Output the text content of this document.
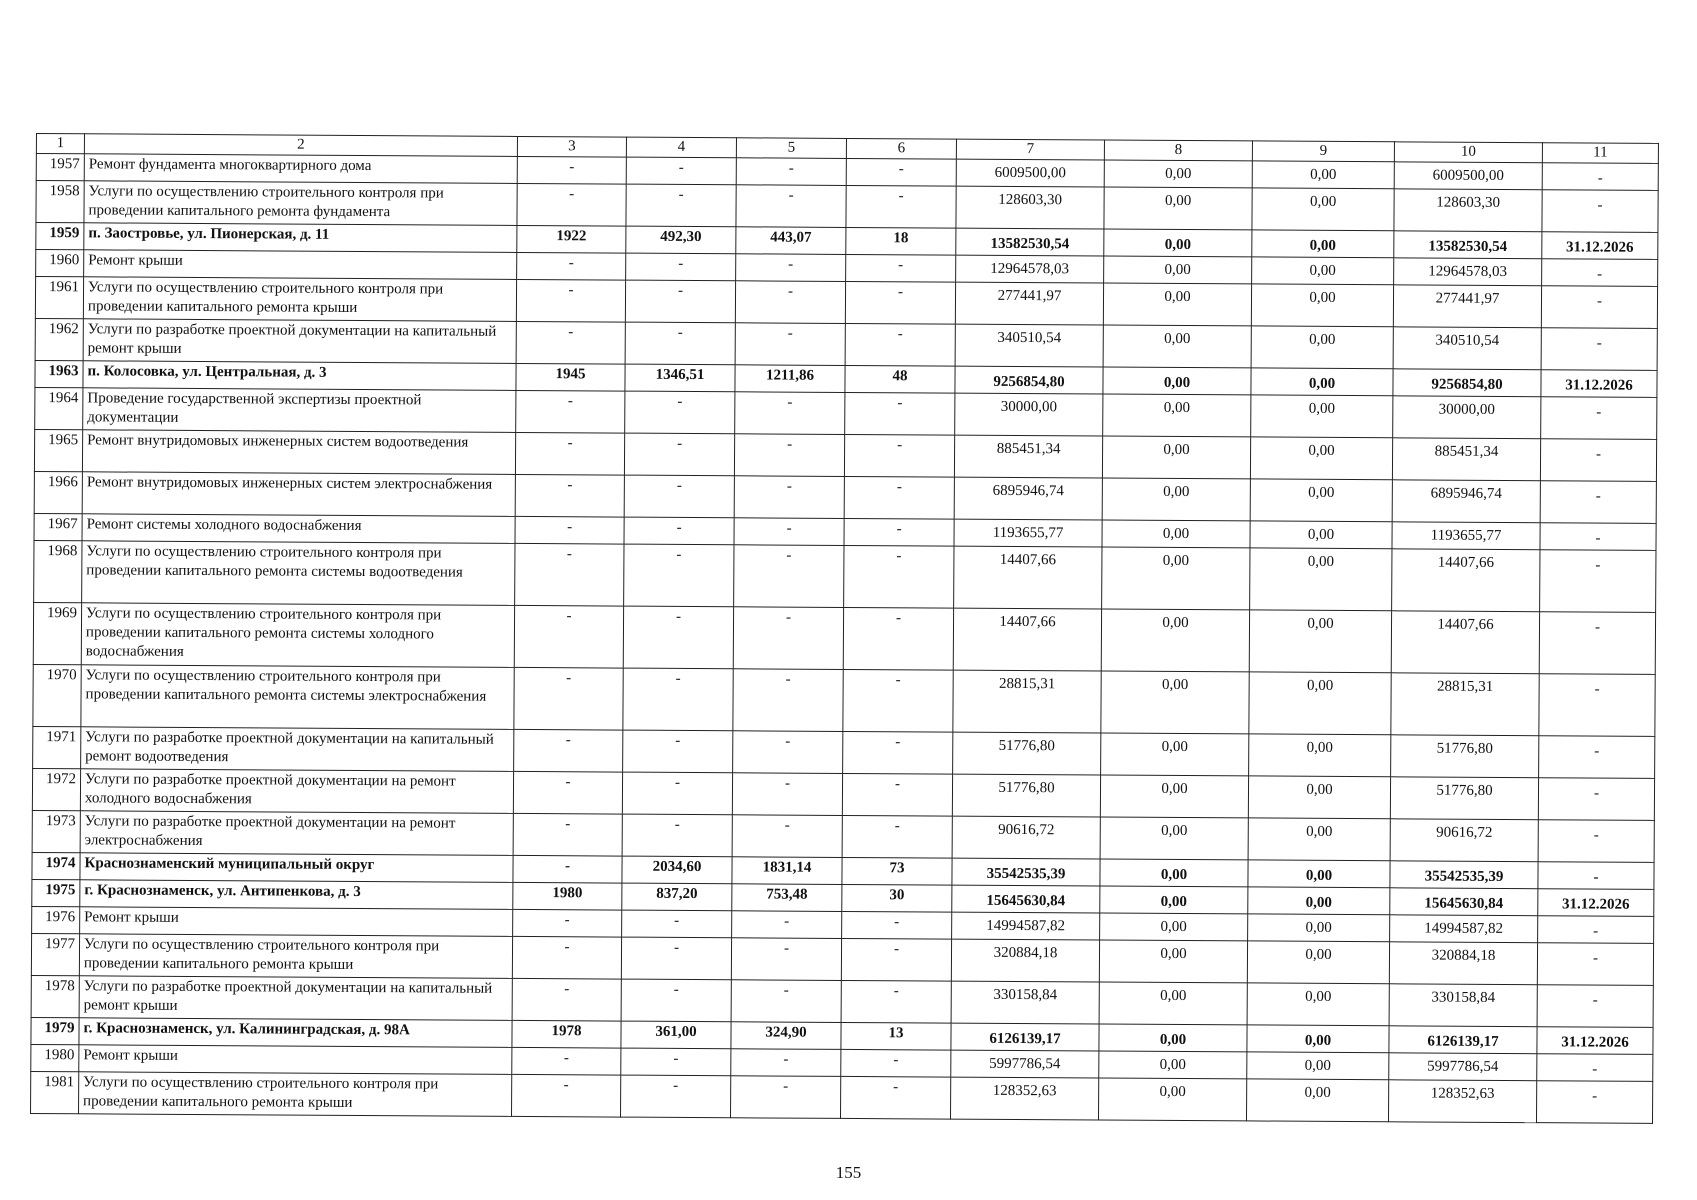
1	2	3	4	5	6	7	8	9	10	11
1957	Ремонт фундамента многоквартирного дома	-	-	-	-	6009500,00	0,00	0,00	6009500,00	-
1958	Услуги по осуществлению строительного контроля при проведении капитального ремонта фундамента	-	-	-	-	128603,30	0,00	0,00	128603,30	-
1959	п. Заостровье, ул. Пионерская, д. 11	1922	492,30	443,07	18	13582530,54	0,00	0,00	13582530,54	31.12.2026
1960	Ремонт крыши	-	-	-	-	12964578,03	0,00	0,00	12964578,03	-
1961	Услуги по осуществлению строительного контроля при проведении капитального ремонта крыши	-	-	-	-	277441,97	0,00	0,00	277441,97	-
1962	Услуги по разработке проектной документации на капитальный ремонт крыши	-	-	-	-	340510,54	0,00	0,00	340510,54	-
1963	п. Колосовка, ул. Центральная, д. 3	1945	1346,51	1211,86	48	9256854,80	0,00	0,00	9256854,80	31.12.2026
1964	Проведение государственной экспертизы проектной документации	-	-	-	-	30000,00	0,00	0,00	30000,00	-
1965	Ремонт внутридомовых инженерных систем водоотведения	-	-	-	-	885451,34	0,00	0,00	885451,34	-
1966	Ремонт внутридомовых инженерных систем электроснабжения	-	-	-	-	6895946,74	0,00	0,00	6895946,74	-
1967	Ремонт системы холодного водоснабжения	-	-	-	-	1193655,77	0,00	0,00	1193655,77	-
1968	Услуги по осуществлению строительного контроля при проведении капитального ремонта системы водоотведения	-	-	-	-	14407,66	0,00	0,00	14407,66	-
1969	Услуги по осуществлению строительного контроля при проведении капитального ремонта системы холодного водоснабжения	-	-	-	-	14407,66	0,00	0,00	14407,66	-
1970	Услуги по осуществлению строительного контроля при проведении капитального ремонта системы электроснабжения	-	-	-	-	28815,31	0,00	0,00	28815,31	-
1971	Услуги по разработке проектной документации на капитальный ремонт водоотведения	-	-	-	-	51776,80	0,00	0,00	51776,80	-
1972	Услуги по разработке проектной документации на ремонт холодного водоснабжения	-	-	-	-	51776,80	0,00	0,00	51776,80	-
1973	Услуги по разработке проектной документации на ремонт электроснабжения	-	-	-	-	90616,72	0,00	0,00	90616,72	-
1974	Краснознаменский муниципальный округ	-	2034,60	1831,14	73	35542535,39	0,00	0,00	35542535,39	-
1975	г. Краснознаменск, ул. Антипенкова, д. 3	1980	837,20	753,48	30	15645630,84	0,00	0,00	15645630,84	31.12.2026
1976	Ремонт крыши	-	-	-	-	14994587,82	0,00	0,00	14994587,82	-
1977	Услуги по осуществлению строительного контроля при проведении капитального ремонта крыши	-	-	-	-	320884,18	0,00	0,00	320884,18	-
1978	Услуги по разработке проектной документации на капитальный ремонт крыши	-	-	-	-	330158,84	0,00	0,00	330158,84	-
1979	г. Краснознаменск, ул. Калининградская, д. 98А	1978	361,00	324,90	13	6126139,17	0,00	0,00	6126139,17	31.12.2026
1980	Ремонт крыши	-	-	-	-	5997786,54	0,00	0,00	5997786,54	-
1981	Услуги по осуществлению строительного контроля при проведении капитального ремонта крыши	-	-	-	-	128352,63	0,00	0,00	128352,63	-
155
